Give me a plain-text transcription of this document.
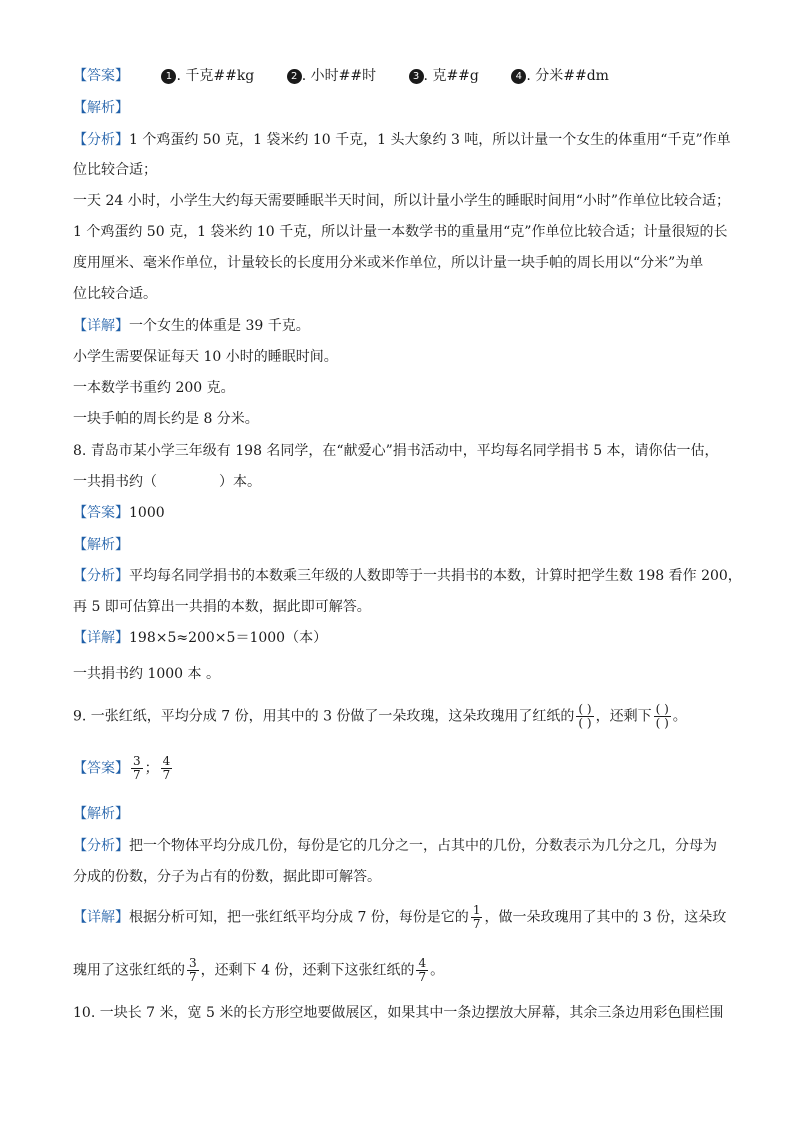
【答案】	1 . 千克##kg	2 . 小时##时	3 . 克##g	4 . 分米##dm
【解析】
【分析】1 个鸡蛋约 50 克，1 袋米约 10 千克，1 头大象约 3 吨，所以计量一个女生的体重用“千克”作单
位比较合适；
一天 24 小时，小学生大约每天需要睡眠半天时间，所以计量小学生的睡眠时间用“小时”作单位比较合适；
1 个鸡蛋约 50 克，1 袋米约 10 千克，所以计量一本数学书的重量用“克”作单位比较合适；计量很短的长
度用厘米、毫米作单位，计量较长的长度用分米或米作单位，所以计量一块手帕的周长用以“分米”为单
位比较合适。
【详解】一个女生的体重是 39 千克。
小学生需要保证每天 10 小时的睡眠时间。
一本数学书重约 200 克。
一块手帕的周长约是 8 分米。
8. 青岛市某小学三年级有 198 名同学，在“献爱心”捐书活动中，平均每名同学捐书 5 本，请你估一估，
一共捐书约（	）本。
【答案】1000
【解析】
【分析】平均每名同学捐书的本数乘三年级的人数即等于一共捐书的本数，计算时把学生数 198 看作 200，
再 5 即可估算出一共捐的本数，据此即可解答。
【详解】198×5≈200×5＝1000（本）
一共捐书约 1000 本 。
9. 一张红纸，平均分成 7 份，用其中的 3 份做了一朵玫瑰，这朵玫瑰用了红纸的 $\frac{( )}{( )}$ ，还剩下 $\frac{( )}{( )}$ 。
【答案】 $\frac{3}{7}$ ； $\frac{4}{7}$
【解析】
【分析】把一个物体平均分成几份，每份是它的几分之一，占其中的几份，分数表示为几分之几，分母为
分成的份数，分子为占有的份数，据此即可解答。
【详解】根据分析可知，把一张红纸平均分成 7 份，每份是它的 $\frac{1}{7}$ ，做一朵玫瑰用了其中的 3 份，这朵玫
瑰用了这张红纸的 $\frac{3}{7}$ ，还剩下 4 份，还剩下这张红纸的 $\frac{4}{7}$ 。
10. 一块长 7 米，宽 5 米的长方形空地要做展区，如果其中一条边摆放大屏幕，其余三条边用彩色围栏围
